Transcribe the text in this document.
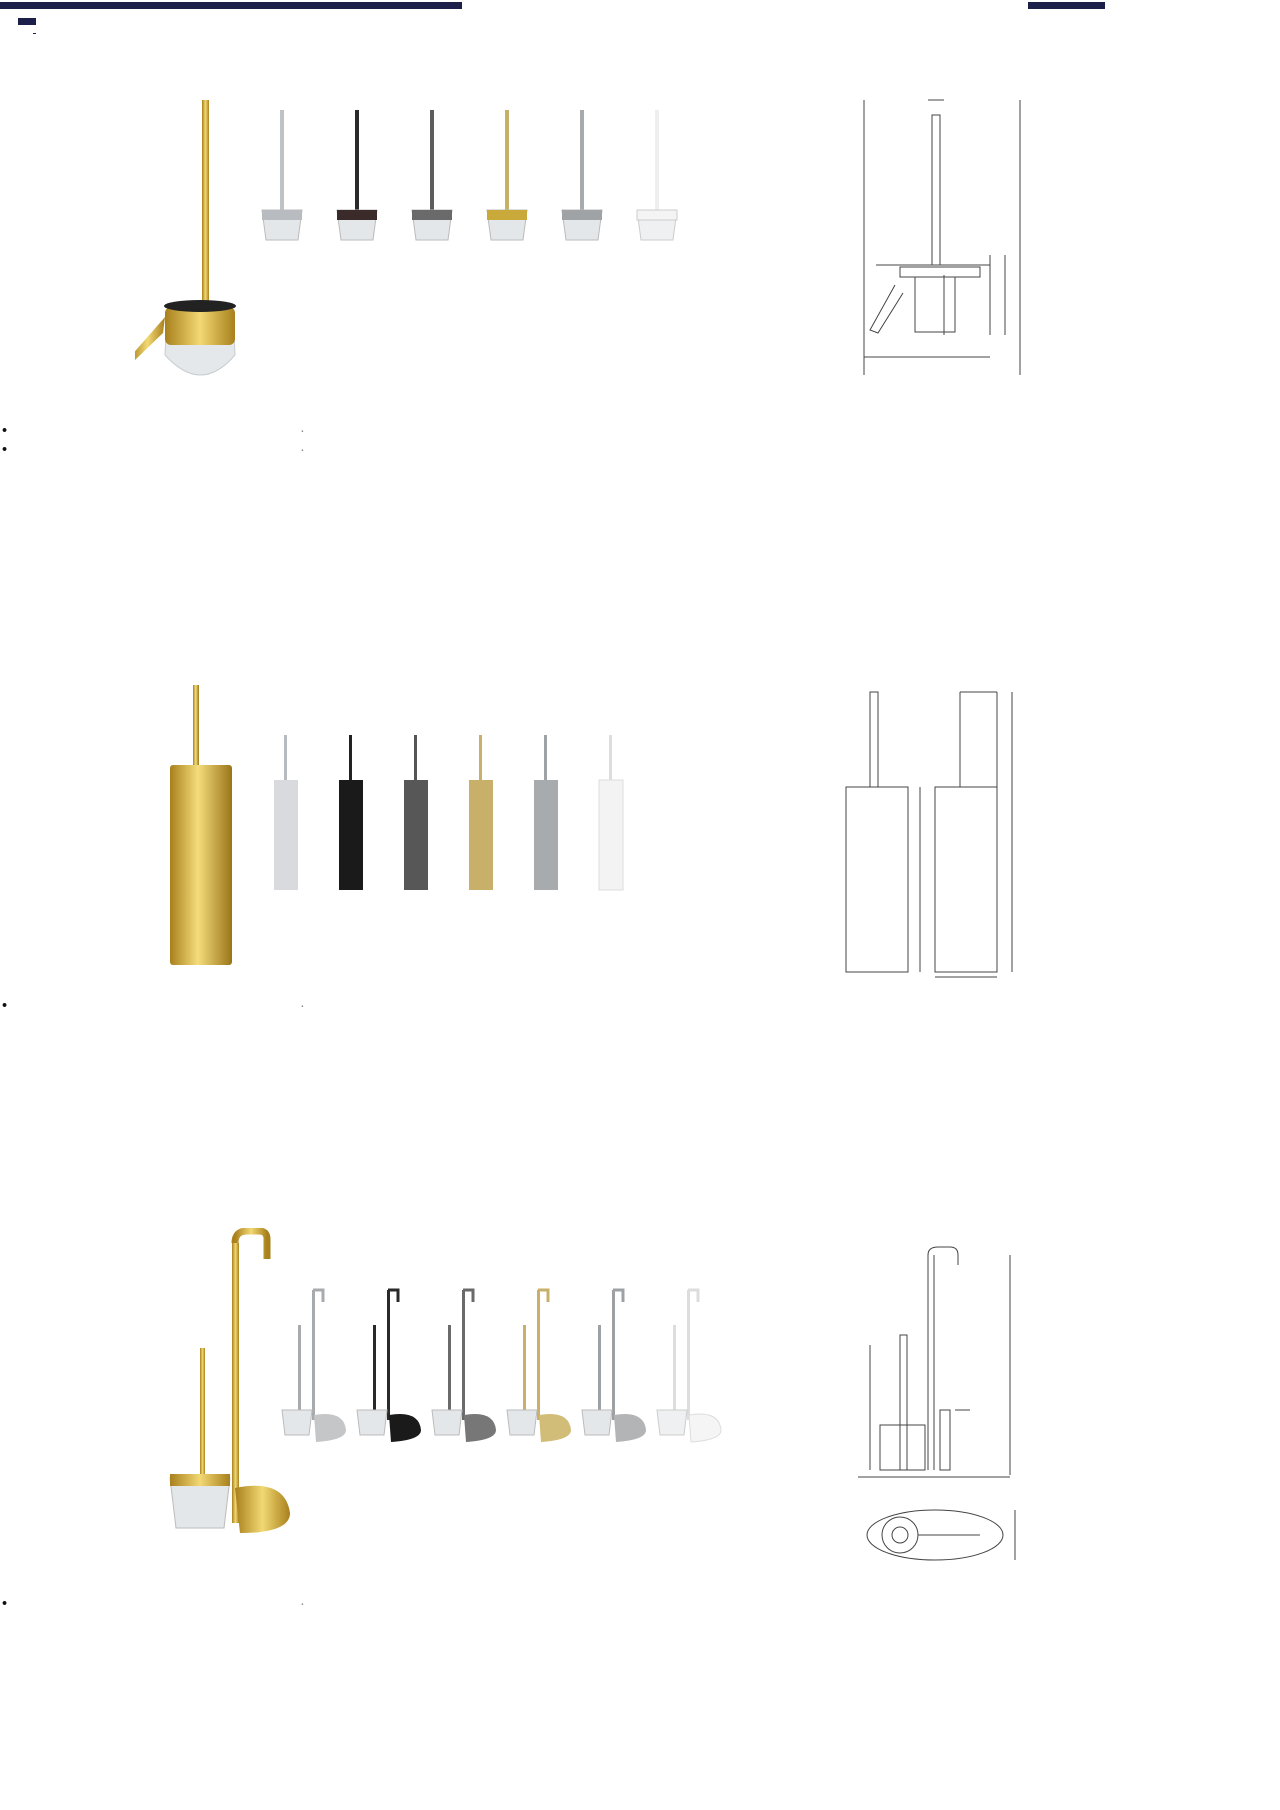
•
•
·
·
•	·
•	·
